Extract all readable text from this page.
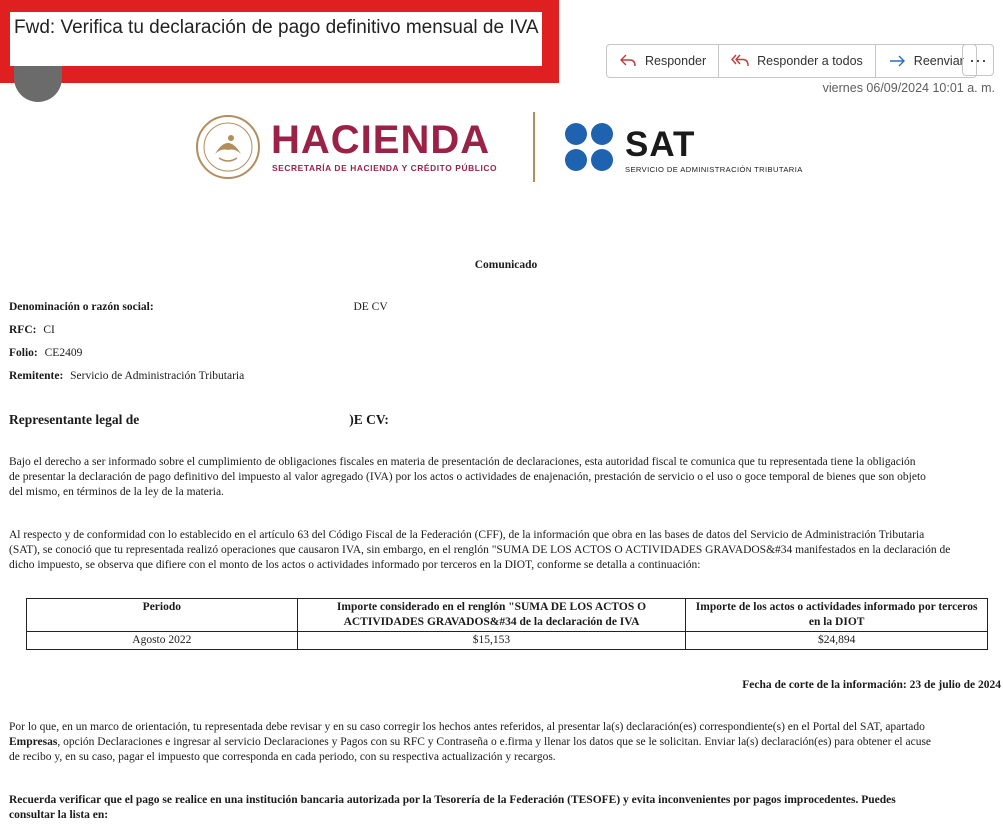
Fwd: Verifica tu declaración de pago definitivo mensual de IVA
Responder	Responder a todos	Reenviar ···
viernes 06/09/2024 10:01 a. m.
HACIENDA
SECRETARÍA DE HACIENDA Y CRÉDITO PÚBLICO
SAT
SERVICIO DE ADMINISTRACIÓN TRIBUTARIA
Comunicado
Denominación o razón social:	DE CV
RFC: CI
Folio: CE2409
Remitente: Servicio de Administración Tributaria
Representante legal de	)E CV:
Bajo el derecho a ser informado sobre el cumplimiento de obligaciones fiscales en materia de presentación de declaraciones, esta autoridad fiscal te comunica que tu representada tiene la obligación
de presentar la declaración de pago definitivo del impuesto al valor agregado (IVA) por los actos o actividades de enajenación, prestación de servicio o el uso o goce temporal de bienes que son objeto
del mismo, en términos de la ley de la materia.
Al respecto y de conformidad con lo establecido en el artículo 63 del Código Fiscal de la Federación (CFF), de la información que obra en las bases de datos del Servicio de Administración Tributaria
(SAT), se conoció que tu representada realizó operaciones que causaron IVA, sin embargo, en el renglón "SUMA DE LOS ACTOS O ACTIVIDADES GRAVADOS&#34 manifestados en la declaración de
dicho impuesto, se observa que difiere con el monto de los actos o actividades informado por terceros en la DIOT, conforme se detalla a continuación:
Periodo	Importe considerado en el renglón "SUMA DE LOS ACTOS O ACTIVIDADES GRAVADOS&#34 de la declaración de IVA	Importe de los actos o actividades informado por terceros en la DIOT
Agosto 2022	$15,153	$24,894
Fecha de corte de la información: 23 de julio de 2024
Por lo que, en un marco de orientación, tu representada debe revisar y en su caso corregir los hechos antes referidos, al presentar la(s) declaración(es) correspondiente(s) en el Portal del SAT, apartado
Empresas, opción Declaraciones e ingresar al servicio Declaraciones y Pagos con su RFC y Contraseña o e.firma y llenar los datos que se le solicitan. Enviar la(s) declaración(es) para obtener el acuse
de recibo y, en su caso, pagar el impuesto que corresponda en cada periodo, con su respectiva actualización y recargos.
Recuerda verificar que el pago se realice en una institución bancaria autorizada por la Tesorería de la Federación (TESOFE) y evita inconvenientes por pagos improcedentes. Puedes
consultar la lista en:
